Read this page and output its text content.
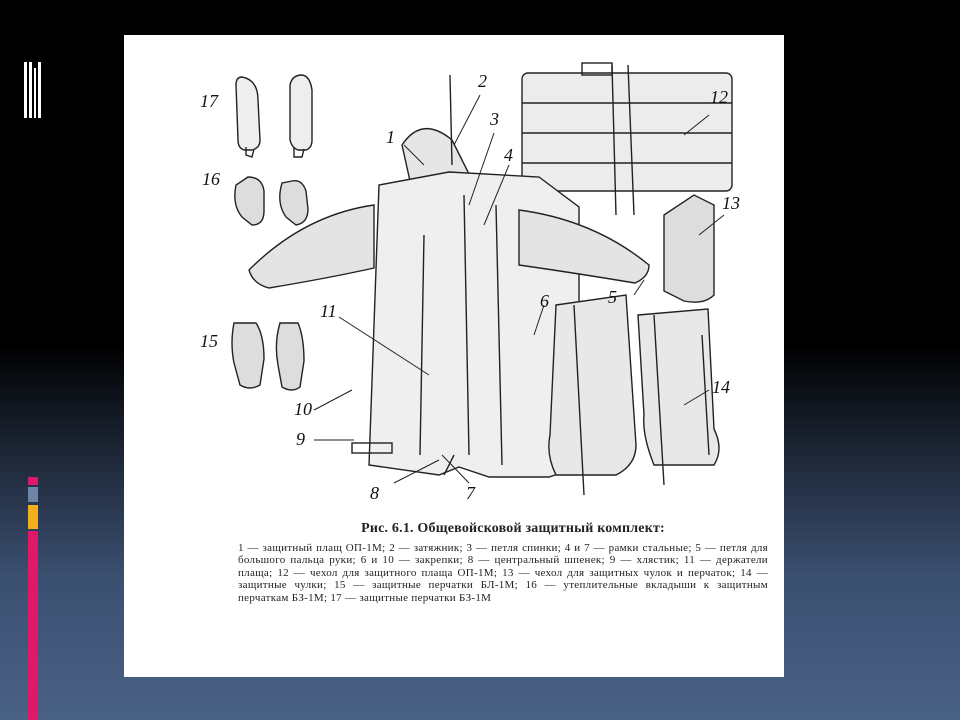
17
2
12
1
3
4
16
13
5
6
11
15
14
10
9
8	7
Рис. 6.1. Общевойсковой защитный комплект:
1 — защитный плащ ОП-1М; 2 — затяжник; 3 — петля спинки; 4 и 7 — рамки стальные; 5 — петля для большого пальца руки; 6 и 10 — закрепки; 8 — центральный шпенек; 9 — хлястик; 11 — держатели плаща; 12 — чехол для защитного плаща ОП-1М; 13 — чехол для защитных чулок и перчаток; 14 — защитные чулки; 15 — защитные перчатки БЛ-1М; 16 — утеплительные вкладыши к защитным перчаткам БЗ-1М; 17 — защитные перчатки БЗ-1М
